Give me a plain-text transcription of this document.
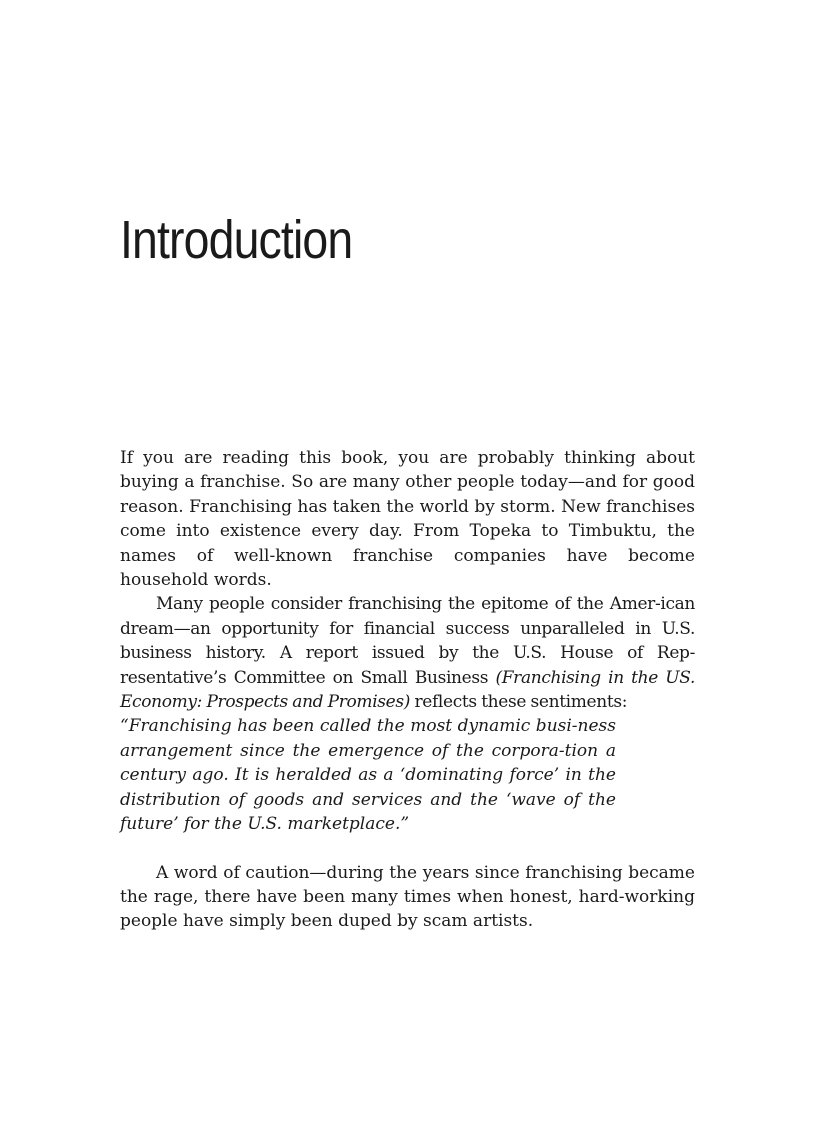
Introduction

If you are reading this book, you are probably thinking about buying a franchise. So are many other people today—and for good reason. Franchising has taken the world by storm. New franchises come into existence every day. From Topeka to Timbuktu, the names of well-known franchise companies have become household words.

Many people consider franchising the epitome of the Amer-ican dream—an opportunity for financial success unparalleled in U.S. business history. A report issued by the U.S. House of Rep-resentative’s Committee on Small Business (Franchising in the US. Economy: Prospects and Promises) reflects these sentiments:

“Franchising has been called the most dynamic busi-ness arrangement since the emergence of the corpora-tion a century ago. It is heralded as a ‘dominating force’ in the distribution of goods and services and the ‘wave of the future’ for the U.S. marketplace.”

A word of caution—during the years since franchising became the rage, there have been many times when honest, hard-working people have simply been duped by scam artists.
